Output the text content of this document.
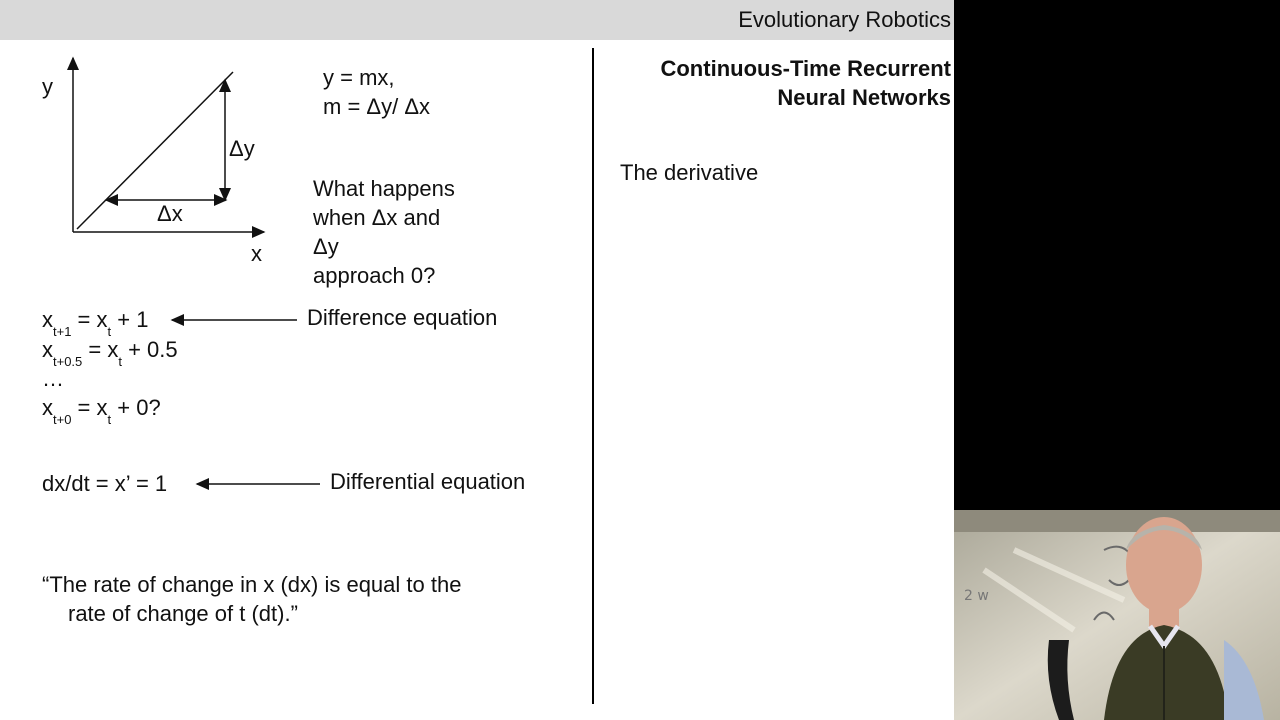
Evolutionary Robotics
y
x
Δy
Δx
y = mx,
m = Δy/ Δx
What happens
when Δx and
Δy
approach 0?
$x_{t+1} = x_t + 1$
$x_{t+0.5} = x_t + 0.5$
…
$x_{t+0} = x_t + 0$?
Difference equation
dx/dt = x’ = 1	Differential equation
“The rate of change in x (dx) is equal to the
rate of change of t (dt).”
Continuous-Time Recurrent
Neural Networks
The derivative
2 w
